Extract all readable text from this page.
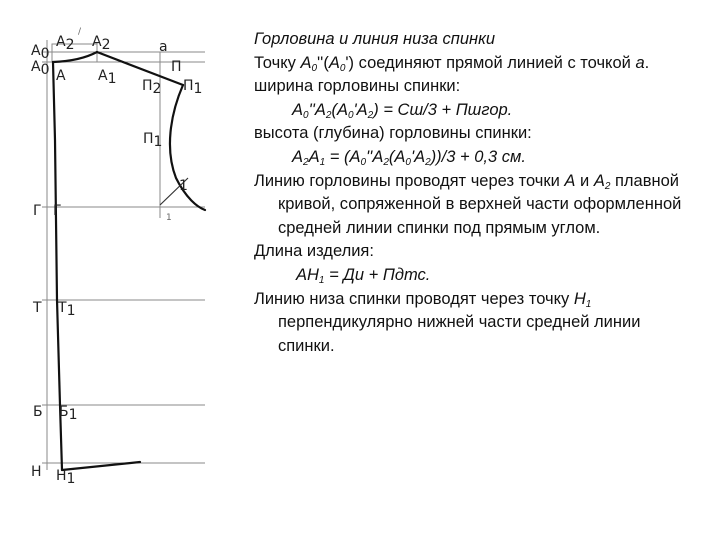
А0
А2
/
А2
А0 А А1
а
П
П2 П1
П1
1
1
Г Г
Т Т1
Б Б1
Н Н1

Горловина и линия низа спинки

Точку $А_0''(А_0')$ соединяют прямой линией с точкой а.

ширина горловины спинки:

$А_0''А_2(А_0'А_2) = Сш/3$ + Пшгор.

высота (глубина) горловины спинки:

$А_2А_1 = (А_0''А_2(А_0'А_2))/3 + 0,3$ см.

Линию горловины проводят через точки А и $А_2$ плавной кривой, сопряженной в верхней части оформленной средней линии спинки под прямым углом.

Длина изделия:

$АН_1$ = Ди + Пдтс.

Линию низа спинки проводят через точку $Н_1$ перпендикулярно нижней части средней линии спинки.
